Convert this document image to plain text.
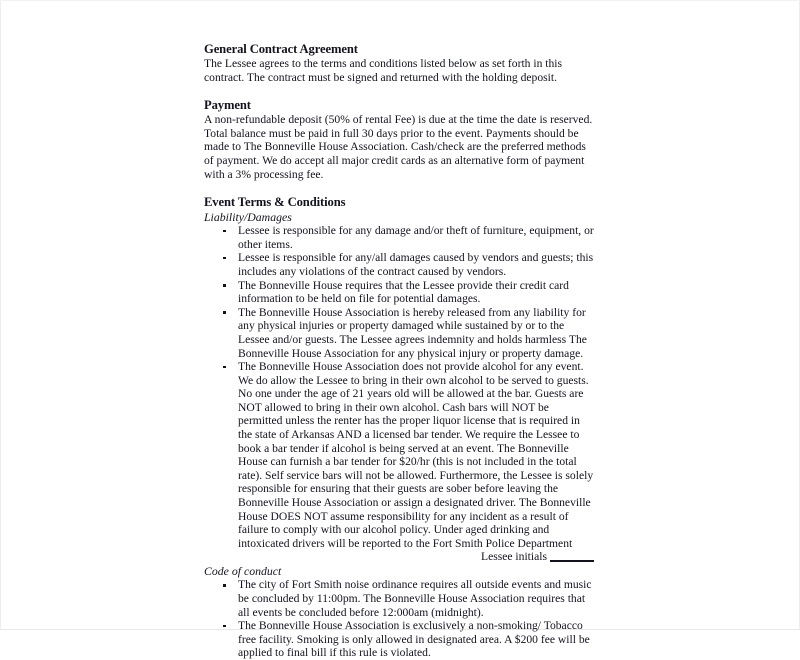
General Contract Agreement

The Lessee agrees to the terms and conditions listed below as set forth in this contract. The contract must be signed and returned with the holding deposit.

Payment

A non-refundable deposit (50% of rental Fee) is due at the time the date is reserved. Total balance must be paid in full 30 days prior to the event. Payments should be made to The Bonneville House Association. Cash/check are the preferred methods of payment. We do accept all major credit cards as an alternative form of payment with a 3% processing fee.

Event Terms & Conditions
Liability/Damages
Lessee is responsible for any damage and/or theft of furniture, equipment, or other items.
Lessee is responsible for any/all damages caused by vendors and guests; this includes any violations of the contract caused by vendors.
The Bonneville House requires that the Lessee provide their credit card information to be held on file for potential damages.
The Bonneville House Association is hereby released from any liability for any physical injuries or property damaged while sustained by or to the Lessee and/or guests. The Lessee agrees indemnity and holds harmless The Bonneville House Association for any physical injury or property damage.
The Bonneville House Association does not provide alcohol for any event. We do allow the Lessee to bring in their own alcohol to be served to guests. No one under the age of 21 years old will be allowed at the bar. Guests are NOT allowed to bring in their own alcohol. Cash bars will NOT be permitted unless the renter has the proper liquor license that is required in the state of Arkansas AND a licensed bar tender. We require the Lessee to book a bar tender if alcohol is being served at an event. The Bonneville House can furnish a bar tender for $20/hr (this is not included in the total rate). Self service bars will not be allowed. Furthermore, the Lessee is solely responsible for ensuring that their guests are sober before leaving the Bonneville House Association or assign a designated driver. The Bonneville House DOES NOT assume responsibility for any incident as a result of failure to comply with our alcohol policy. Under aged drinking and intoxicated drivers will be reported to the Fort Smith Police Department
Lessee initials
Code of conduct
The city of Fort Smith noise ordinance requires all outside events and music be concluded by 11:00pm. The Bonneville House Association requires that all events be concluded before 12:000am (midnight).
The Bonneville House Association is exclusively a non-smoking/ Tobacco free facility. Smoking is only allowed in designated area. A $200 fee will be applied to final bill if this rule is violated.
